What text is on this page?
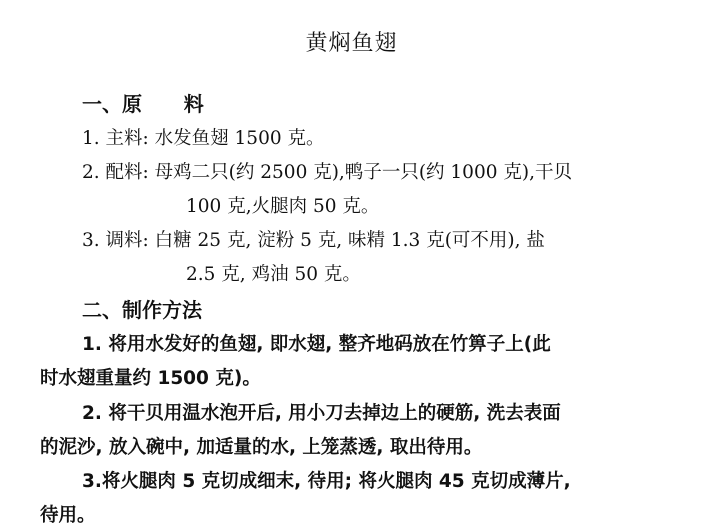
黄焖鱼翅
一、原      料
1. 主料: 水发鱼翅 1500 克。
2. 配料: 母鸡二只(约 2500 克),鸭子一只(约 1000 克),干贝
100 克,火腿肉 50 克。
3. 调料: 白糖 25 克, 淀粉 5 克, 味精 1.3 克(可不用), 盐
2.5 克, 鸡油 50 克。
二、制作方法
1. 将用水发好的鱼翅, 即水翅, 整齐地码放在竹箅子上(此
时水翅重量约 1500 克)。
2. 将干贝用温水泡开后, 用小刀去掉边上的硬筋, 洗去表面
的泥沙, 放入碗中, 加适量的水, 上笼蒸透, 取出待用。
3.将火腿肉 5 克切成细末, 待用; 将火腿肉 45 克切成薄片,
待用。
